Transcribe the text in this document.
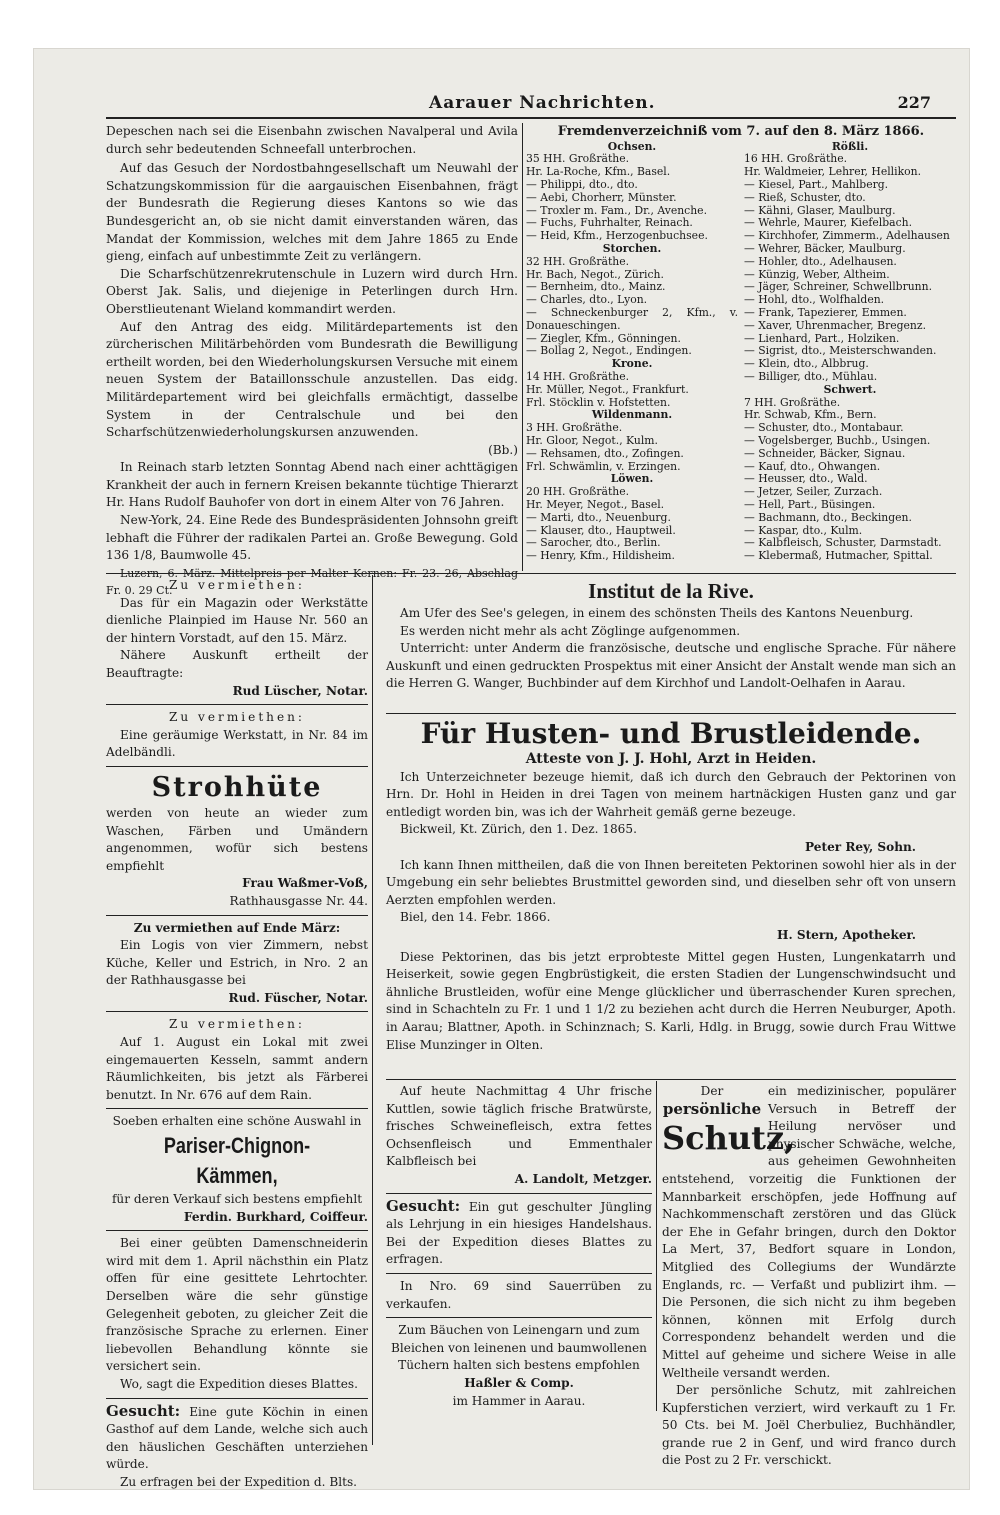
Aarauer Nachrichten.	227

Depeschen nach sei die Eisenbahn zwischen Navalperal und Avila durch sehr bedeutenden Schneefall unterbrochen.

Auf das Gesuch der Nordostbahngesellschaft um Neuwahl der Schatzungskommission für die aargauischen Eisenbahnen, frägt der Bundesrath die Regierung dieses Kantons so wie das Bundesgericht an, ob sie nicht damit einverstanden wären, das Mandat der Kommission, welches mit dem Jahre 1865 zu Ende gieng, einfach auf unbestimmte Zeit zu verlängern.

Die Scharfschützenrekrutenschule in Luzern wird durch Hrn. Oberst Jak. Salis, und diejenige in Peterlingen durch Hrn. Oberstlieutenant Wieland kommandirt werden.

Auf den Antrag des eidg. Militärdepartements ist den zürcherischen Militärbehörden vom Bundesrath die Bewilligung ertheilt worden, bei den Wiederholungskursen Versuche mit einem neuen System der Bataillonsschule anzustellen. Das eidg. Militärdepartement wird bei gleichfalls ermächtigt, dasselbe System in der Centralschule und bei den Scharfschützenwiederholungskursen anzuwenden.

(Bb.)

In Reinach starb letzten Sonntag Abend nach einer achttägigen Krankheit der auch in fernern Kreisen bekannte tüchtige Thierarzt Hr. Hans Rudolf Bauhofer von dort in einem Alter von 76 Jahren.

New-York, 24. Eine Rede des Bundespräsidenten Johnsohn greift lebhaft die Führer der radikalen Partei an. Große Bewegung. Gold 136 1/8, Baumwolle 45.

Luzern, 6. März. Mittelpreis per Malter Kernen: Fr. 23. 26, Abschlag Fr. 0. 29 Ct.

Fremdenverzeichniß vom 7. auf den 8. März 1866.
Ochsen.
35 HH. Großräthe.
Hr. La-Roche, Kfm., Basel.
— Philippi, dto., dto.
— Aebi, Chorherr, Münster.
— Troxler m. Fam., Dr., Avenche.
— Fuchs, Fuhrhalter, Reinach.
— Heid, Kfm., Herzogenbuchsee.
Storchen.
32 HH. Großräthe.
Hr. Bach, Negot., Zürich.
— Bernheim, dto., Mainz.
— Charles, dto., Lyon.
— Schneckenburger 2, Kfm., v. Donaueschingen.
— Ziegler, Kfm., Gönningen.
— Bollag 2, Negot., Endingen.
Krone.
14 HH. Großräthe.
Hr. Müller, Negot., Frankfurt.
Frl. Stöcklin v. Hofstetten.
Wildenmann.
3 HH. Großräthe.
Hr. Gloor, Negot., Kulm.
— Rehsamen, dto., Zofingen.
Frl. Schwämlin, v. Erzingen.
Löwen.
20 HH. Großräthe.
Hr. Meyer, Negot., Basel.
— Marti, dto., Neuenburg.
— Klauser, dto., Hauptweil.
— Sarocher, dto., Berlin.
— Henry, Kfm., Hildisheim.
Rößli.
16 HH. Großräthe.
Hr. Waldmeier, Lehrer, Hellikon.
— Kiesel, Part., Mahlberg.
— Rieß, Schuster, dto.
— Kähni, Glaser, Maulburg.
— Wehrle, Maurer, Kiefelbach.
— Kirchhofer, Zimmerm., Adelhausen
— Wehrer, Bäcker, Maulburg.
— Hohler, dto., Adelhausen.
— Künzig, Weber, Altheim.
— Jäger, Schreiner, Schwellbrunn.
— Hohl, dto., Wolfhalden.
— Frank, Tapezierer, Emmen.
— Xaver, Uhrenmacher, Bregenz.
— Lienhard, Part., Holziken.
— Sigrist, dto., Meisterschwanden.
— Klein, dto., Albbrug.
— Billiger, dto., Mühlau.
Schwert.
7 HH. Großräthe.
Hr. Schwab, Kfm., Bern.
— Schuster, dto., Montabaur.
— Vogelsberger, Buchb., Usingen.
— Schneider, Bäcker, Signau.
— Kauf, dto., Ohwangen.
— Heusser, dto., Wald.
— Jetzer, Seiler, Zurzach.
— Hell, Part., Büsingen.
— Bachmann, dto., Beckingen.
— Kaspar, dto., Kulm.
— Kalbfleisch, Schuster, Darmstadt.
— Klebermaß, Hutmacher, Spittal.
Zu vermiethen:

Das für ein Magazin oder Werkstätte dienliche Plainpied im Hause Nr. 560 an der hintern Vorstadt, auf den 15. März.

Nähere Auskunft ertheilt der Beauftragte:

Rud Lüscher, Notar.

Zu vermiethen:

Eine geräumige Werkstatt, in Nr. 84 im Adelbändli.

Strohhüte

werden von heute an wieder zum Waschen, Färben und Umändern angenommen, wofür sich bestens empfiehlt

Frau Waßmer-Voß,

Rathhausgasse Nr. 44.

Zu vermiethen auf Ende März:

Ein Logis von vier Zimmern, nebst Küche, Keller und Estrich, in Nro. 2 an der Rathhausgasse bei

Rud. Füscher, Notar.

Zu vermiethen:

Auf 1. August ein Lokal mit zwei eingemauerten Kesseln, sammt andern Räumlichkeiten, bis jetzt als Färberei benutzt. In Nr. 676 auf dem Rain.

Soeben erhalten eine schöne Auswahl in

Pariser-Chignon-Kämmen,

für deren Verkauf sich bestens empfiehlt

Ferdin. Burkhard, Coiffeur.

Bei einer geübten Damenschneiderin wird mit dem 1. April nächsthin ein Platz offen für eine gesittete Lehrtochter. Derselben wäre die sehr günstige Gelegenheit geboten, zu gleicher Zeit die französische Sprache zu erlernen. Einer liebevollen Behandlung könnte sie versichert sein.

Wo, sagt die Expedition dieses Blattes.

Gesucht: Eine gute Köchin in einen Gasthof auf dem Lande, welche sich auch den häuslichen Geschäften unterziehen würde.

Zu erfragen bei der Expedition d. Blts.

Institut de la Rive.

Am Ufer des See's gelegen, in einem des schönsten Theils des Kantons Neuenburg.

Es werden nicht mehr als acht Zöglinge aufgenommen.

Unterricht: unter Anderm die französische, deutsche und englische Sprache. Für nähere Auskunft und einen gedruckten Prospektus mit einer Ansicht der Anstalt wende man sich an die Herren G. Wanger, Buchbinder auf dem Kirchhof und Landolt-Oelhafen in Aarau.

Für Husten- und Brustleidende.
Atteste von J. J. Hohl, Arzt in Heiden.

Ich Unterzeichneter bezeuge hiemit, daß ich durch den Gebrauch der Pektorinen von Hrn. Dr. Hohl in Heiden in drei Tagen von meinem hartnäckigen Husten ganz und gar entledigt worden bin, was ich der Wahrheit gemäß gerne bezeuge.

Bickweil, Kt. Zürich, den 1. Dez. 1865.

Peter Rey, Sohn.

Ich kann Ihnen mittheilen, daß die von Ihnen bereiteten Pektorinen sowohl hier als in der Umgebung ein sehr beliebtes Brustmittel geworden sind, und dieselben sehr oft von unsern Aerzten empfohlen werden.

Biel, den 14. Febr. 1866.

H. Stern, Apotheker.

Diese Pektorinen, das bis jetzt erprobteste Mittel gegen Husten, Lungenkatarrh und Heiserkeit, sowie gegen Engbrüstigkeit, die ersten Stadien der Lungenschwindsucht und ähnliche Brustleiden, wofür eine Menge glücklicher und überraschender Kuren sprechen, sind in Schachteln zu Fr. 1 und 1 1/2 zu beziehen acht durch die Herren Neuburger, Apoth. in Aarau; Blattner, Apoth. in Schinznach; S. Karli, Hdlg. in Brugg, sowie durch Frau Wittwe Elise Munzinger in Olten.

Auf heute Nachmittag 4 Uhr frische Kuttlen, sowie täglich frische Bratwürste, frisches Schweinefleisch, extra fettes Ochsenfleisch und Emmenthaler Kalbfleisch bei

A. Landolt, Metzger.

Gesucht: Ein gut geschulter Jüngling als Lehrjung in ein hiesiges Handelshaus. Bei der Expedition dieses Blattes zu erfragen.

In Nro. 69 sind Sauerrüben zu verkaufen.

Zum Bäuchen von Leinengarn und zum Bleichen von leinenen und baumwollenen Tüchern halten sich bestens empfohlen

Haßler & Comp.

im Hammer in Aarau.

Der
persönliche
Schutz,

ein medizinischer, populärer Versuch in Betreff der Heilung nervöser und physischer Schwäche, welche, aus geheimen Gewohnheiten entstehend, vorzeitig die Funktionen der Mannbarkeit erschöpfen, jede Hoffnung auf Nachkommenschaft zerstören und das Glück der Ehe in Gefahr bringen, durch den Doktor La Mert, 37, Bedfort square in London, Mitglied des Collegiums der Wundärzte Englands, rc. — Verfaßt und publizirt ihm. — Die Personen, die sich nicht zu ihm begeben können, können mit Erfolg durch Correspondenz behandelt werden und die Mittel auf geheime und sichere Weise in alle Weltheile versandt werden.

Der persönliche Schutz, mit zahlreichen Kupferstichen verziert, wird verkauft zu 1 Fr. 50 Cts. bei M. Joël Cherbuliez, Buchhändler, grande rue 2 in Genf, und wird franco durch die Post zu 2 Fr. verschickt.
